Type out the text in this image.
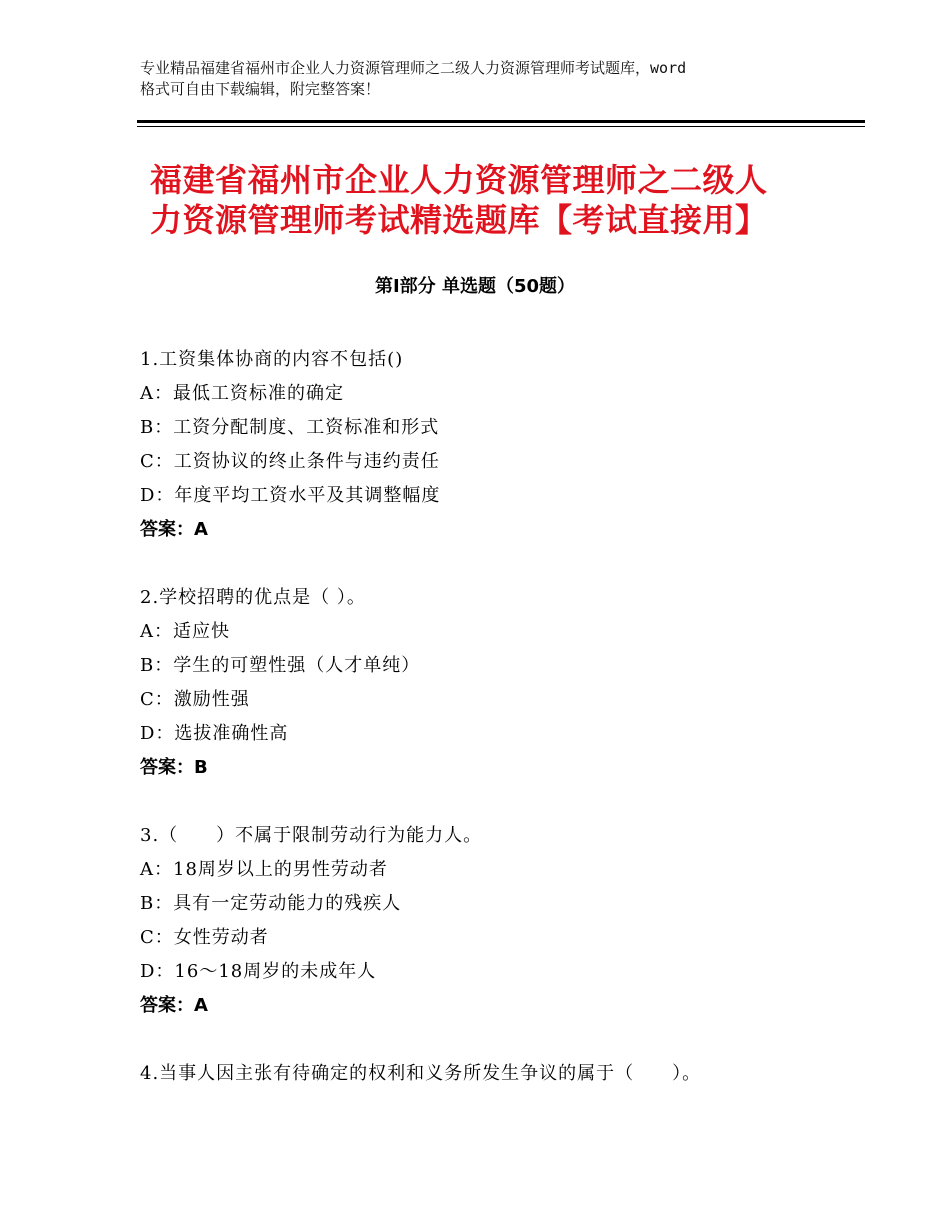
专业精品福建省福州市企业人力资源管理师之二级人力资源管理师考试题库，word
格式可自由下载编辑，附完整答案！
福建省福州市企业人力资源管理师之二级人
力资源管理师考试精选题库【考试直接用】
第Ⅰ部分 单选题（50题）
1.工资集体协商的内容不包括()
A：最低工资标准的确定
B：工资分配制度、工资标准和形式
C：工资协议的终止条件与违约责任
D：年度平均工资水平及其调整幅度
答案：A
2.学校招聘的优点是（ ）。
A：适应快
B：学生的可塑性强（人才单纯）
C：激励性强
D：选拔准确性高
答案：B
3.（　　）不属于限制劳动行为能力人。
A：18周岁以上的男性劳动者
B：具有一定劳动能力的残疾人
C：女性劳动者
D：16～18周岁的未成年人
答案：A
4.当事人因主张有待确定的权利和义务所发生争议的属于（　　）。
